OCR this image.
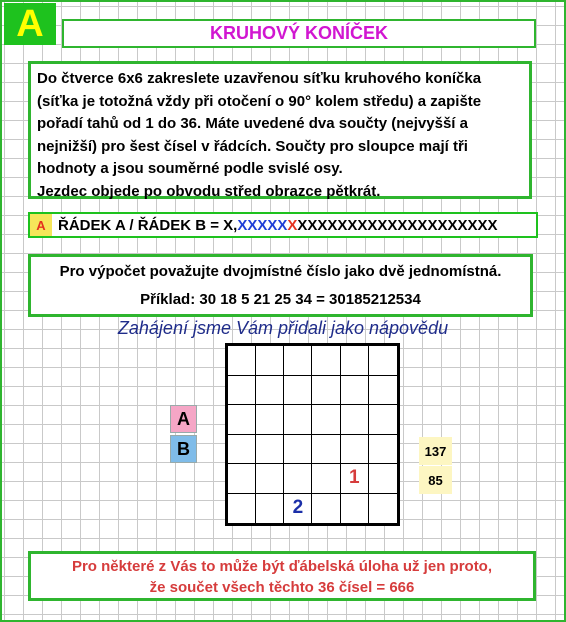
A	KRUHOVÝ KONÍČEK
Do čtverce 6x6 zakreslete uzavřenou síťku kruhového koníčka
(síťka je totožná vždy při otočení o 90° kolem středu) a zapište
pořadí tahů od 1 do 36. Máte uvedené dva součty (nejvyšší a
nejnižší) pro šest čísel v řádcích. Součty pro sloupce mají tři
hodnoty a jsou souměrné podle svislé osy.
Jezdec objede po obvodu střed obrazce pětkrát.
A ŘÁDEK A / ŘÁDEK B = X,XXXXXXXXXXXXXXXXXXXXXXXXXX
Pro výpočet považujte dvojmístné číslo jako dvě jednomístná.
Příklad: 30 18 5 21 25 34 = 30185212534
Zahájení jsme Vám přidali jako nápovědu
1
2
A
B	137
85
Pro některé z Vás to může být ďábelská úloha už jen proto,
že součet všech těchto 36 čísel = 666
